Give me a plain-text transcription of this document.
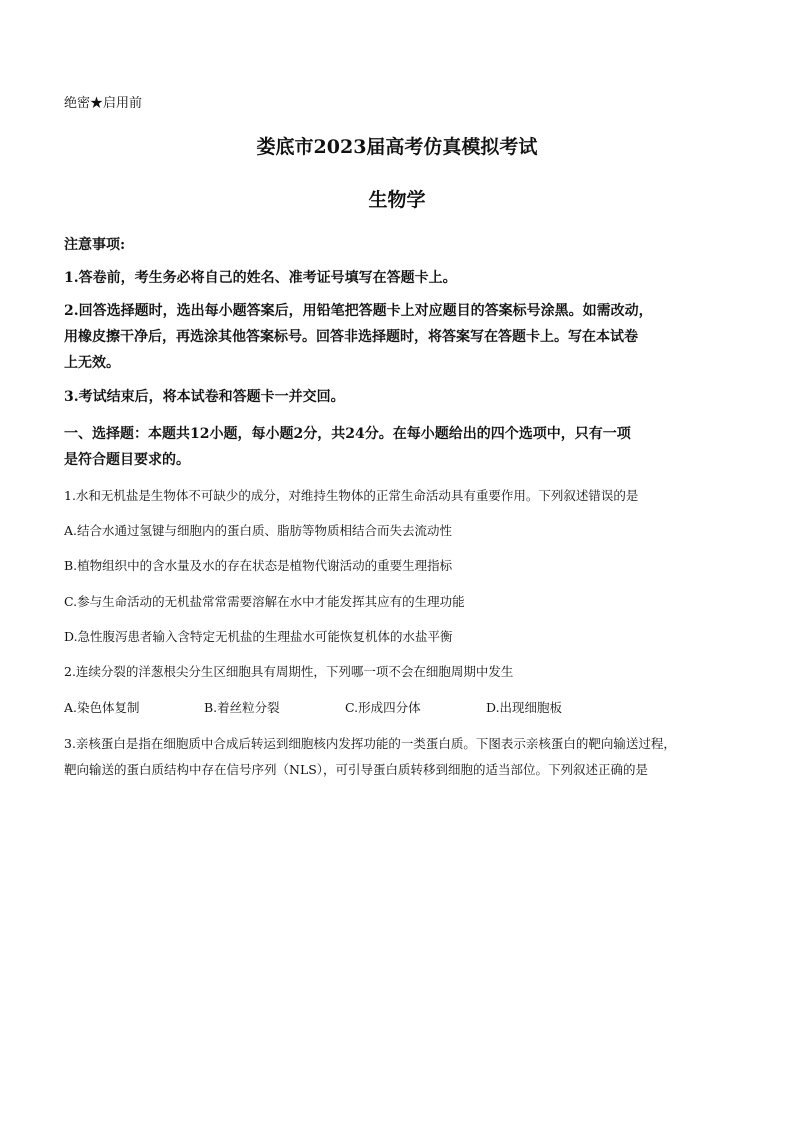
绝密★启用前
娄底市2023届高考仿真模拟考试
生物学
注意事项:
1.答卷前，考生务必将自己的姓名、准考证号填写在答题卡上。
2.回答选择题时，选出每小题答案后，用铅笔把答题卡上对应题目的答案标号涂黑。如需改动，
用橡皮擦干净后，再选涂其他答案标号。回答非选择题时，将答案写在答题卡上。写在本试卷
上无效。
3.考试结束后，将本试卷和答题卡一并交回。
一、选择题：本题共12小题，每小题2分，共24分。在每小题给出的四个选项中，只有一项
是符合题目要求的。
1.水和无机盐是生物体不可缺少的成分，对维持生物体的正常生命活动具有重要作用。下列叙述错误的是
A.结合水通过氢键与细胞内的蛋白质、脂肪等物质相结合而失去流动性
B.植物组织中的含水量及水的存在状态是植物代谢活动的重要生理指标
C.参与生命活动的无机盐常常需要溶解在水中才能发挥其应有的生理功能
D.急性腹泻患者输入含特定无机盐的生理盐水可能恢复机体的水盐平衡
2.连续分裂的洋葱根尖分生区细胞具有周期性，下列哪一项不会在细胞周期中发生
A.染色体复制	B.着丝粒分裂	C.形成四分体	D.出现细胞板
3.亲核蛋白是指在细胞质中合成后转运到细胞核内发挥功能的一类蛋白质。下图表示亲核蛋白的靶向输送过程，
靶向输送的蛋白质结构中存在信号序列（NLS），可引导蛋白质转移到细胞的适当部位。下列叙述正确的是
